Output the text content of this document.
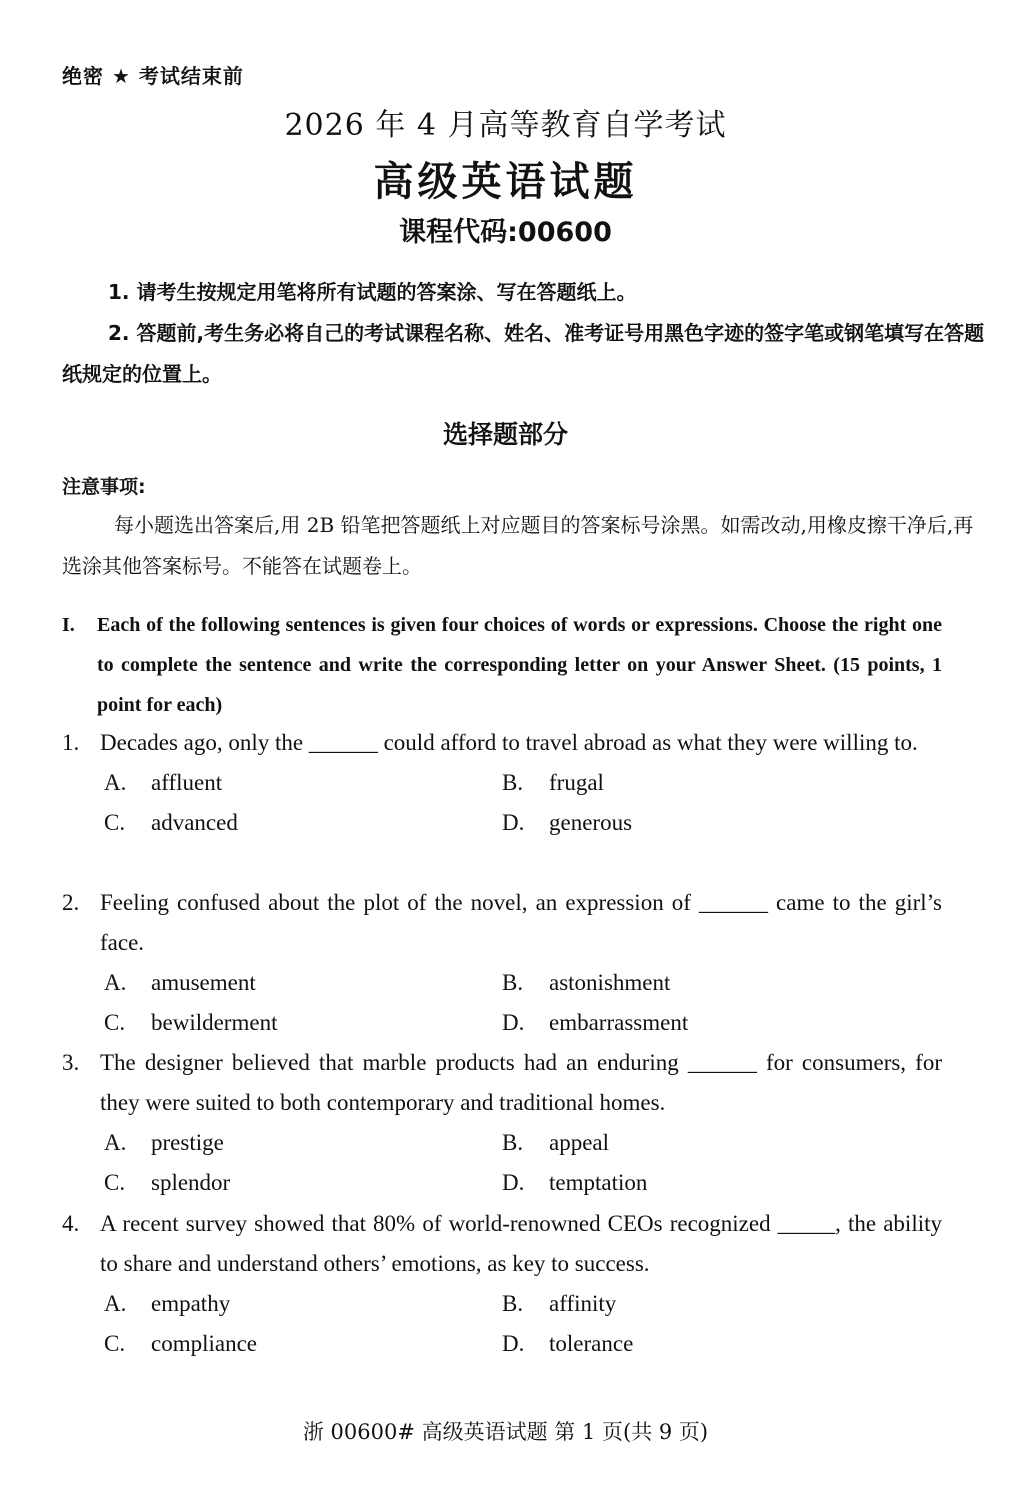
绝密 ★ 考试结束前
2026 年 4 月高等教育自学考试
高级英语试题
课程代码:00600
1. 请考生按规定用笔将所有试题的答案涂、写在答题纸上。
2. 答题前,考生务必将自己的考试课程名称、姓名、准考证号用黑色字迹的签字笔或钢笔填写在答题纸规定的位置上。
选择题部分
注意事项:
每小题选出答案后,用 2B 铅笔把答题纸上对应题目的答案标号涂黑。如需改动,用橡皮擦干净后,再选涂其他答案标号。不能答在试题卷上。
I. Each of the following sentences is given four choices of words or expressions. Choose the right one to complete the sentence and write the corresponding letter on your Answer Sheet. (15 points, 1 point for each)
1. Decades ago, only the ______ could afford to travel abroad as what they were willing to.
A. affluent	B. frugal
C. advanced	D. generous
2. Feeling confused about the plot of the novel, an expression of ______ came to the girl’s face.
A. amusement	B. astonishment
C. bewilderment	D. embarrassment
3. The designer believed that marble products had an enduring ______ for consumers, for they were suited to both contemporary and traditional homes.
A. prestige	B. appeal
C. splendor	D. temptation
4. A recent survey showed that 80% of world-renowned CEOs recognized _____, the ability to share and understand others’ emotions, as key to success.
A. empathy	B. affinity
C. compliance	D. tolerance
浙 00600# 高级英语试题 第 1 页(共 9 页)
